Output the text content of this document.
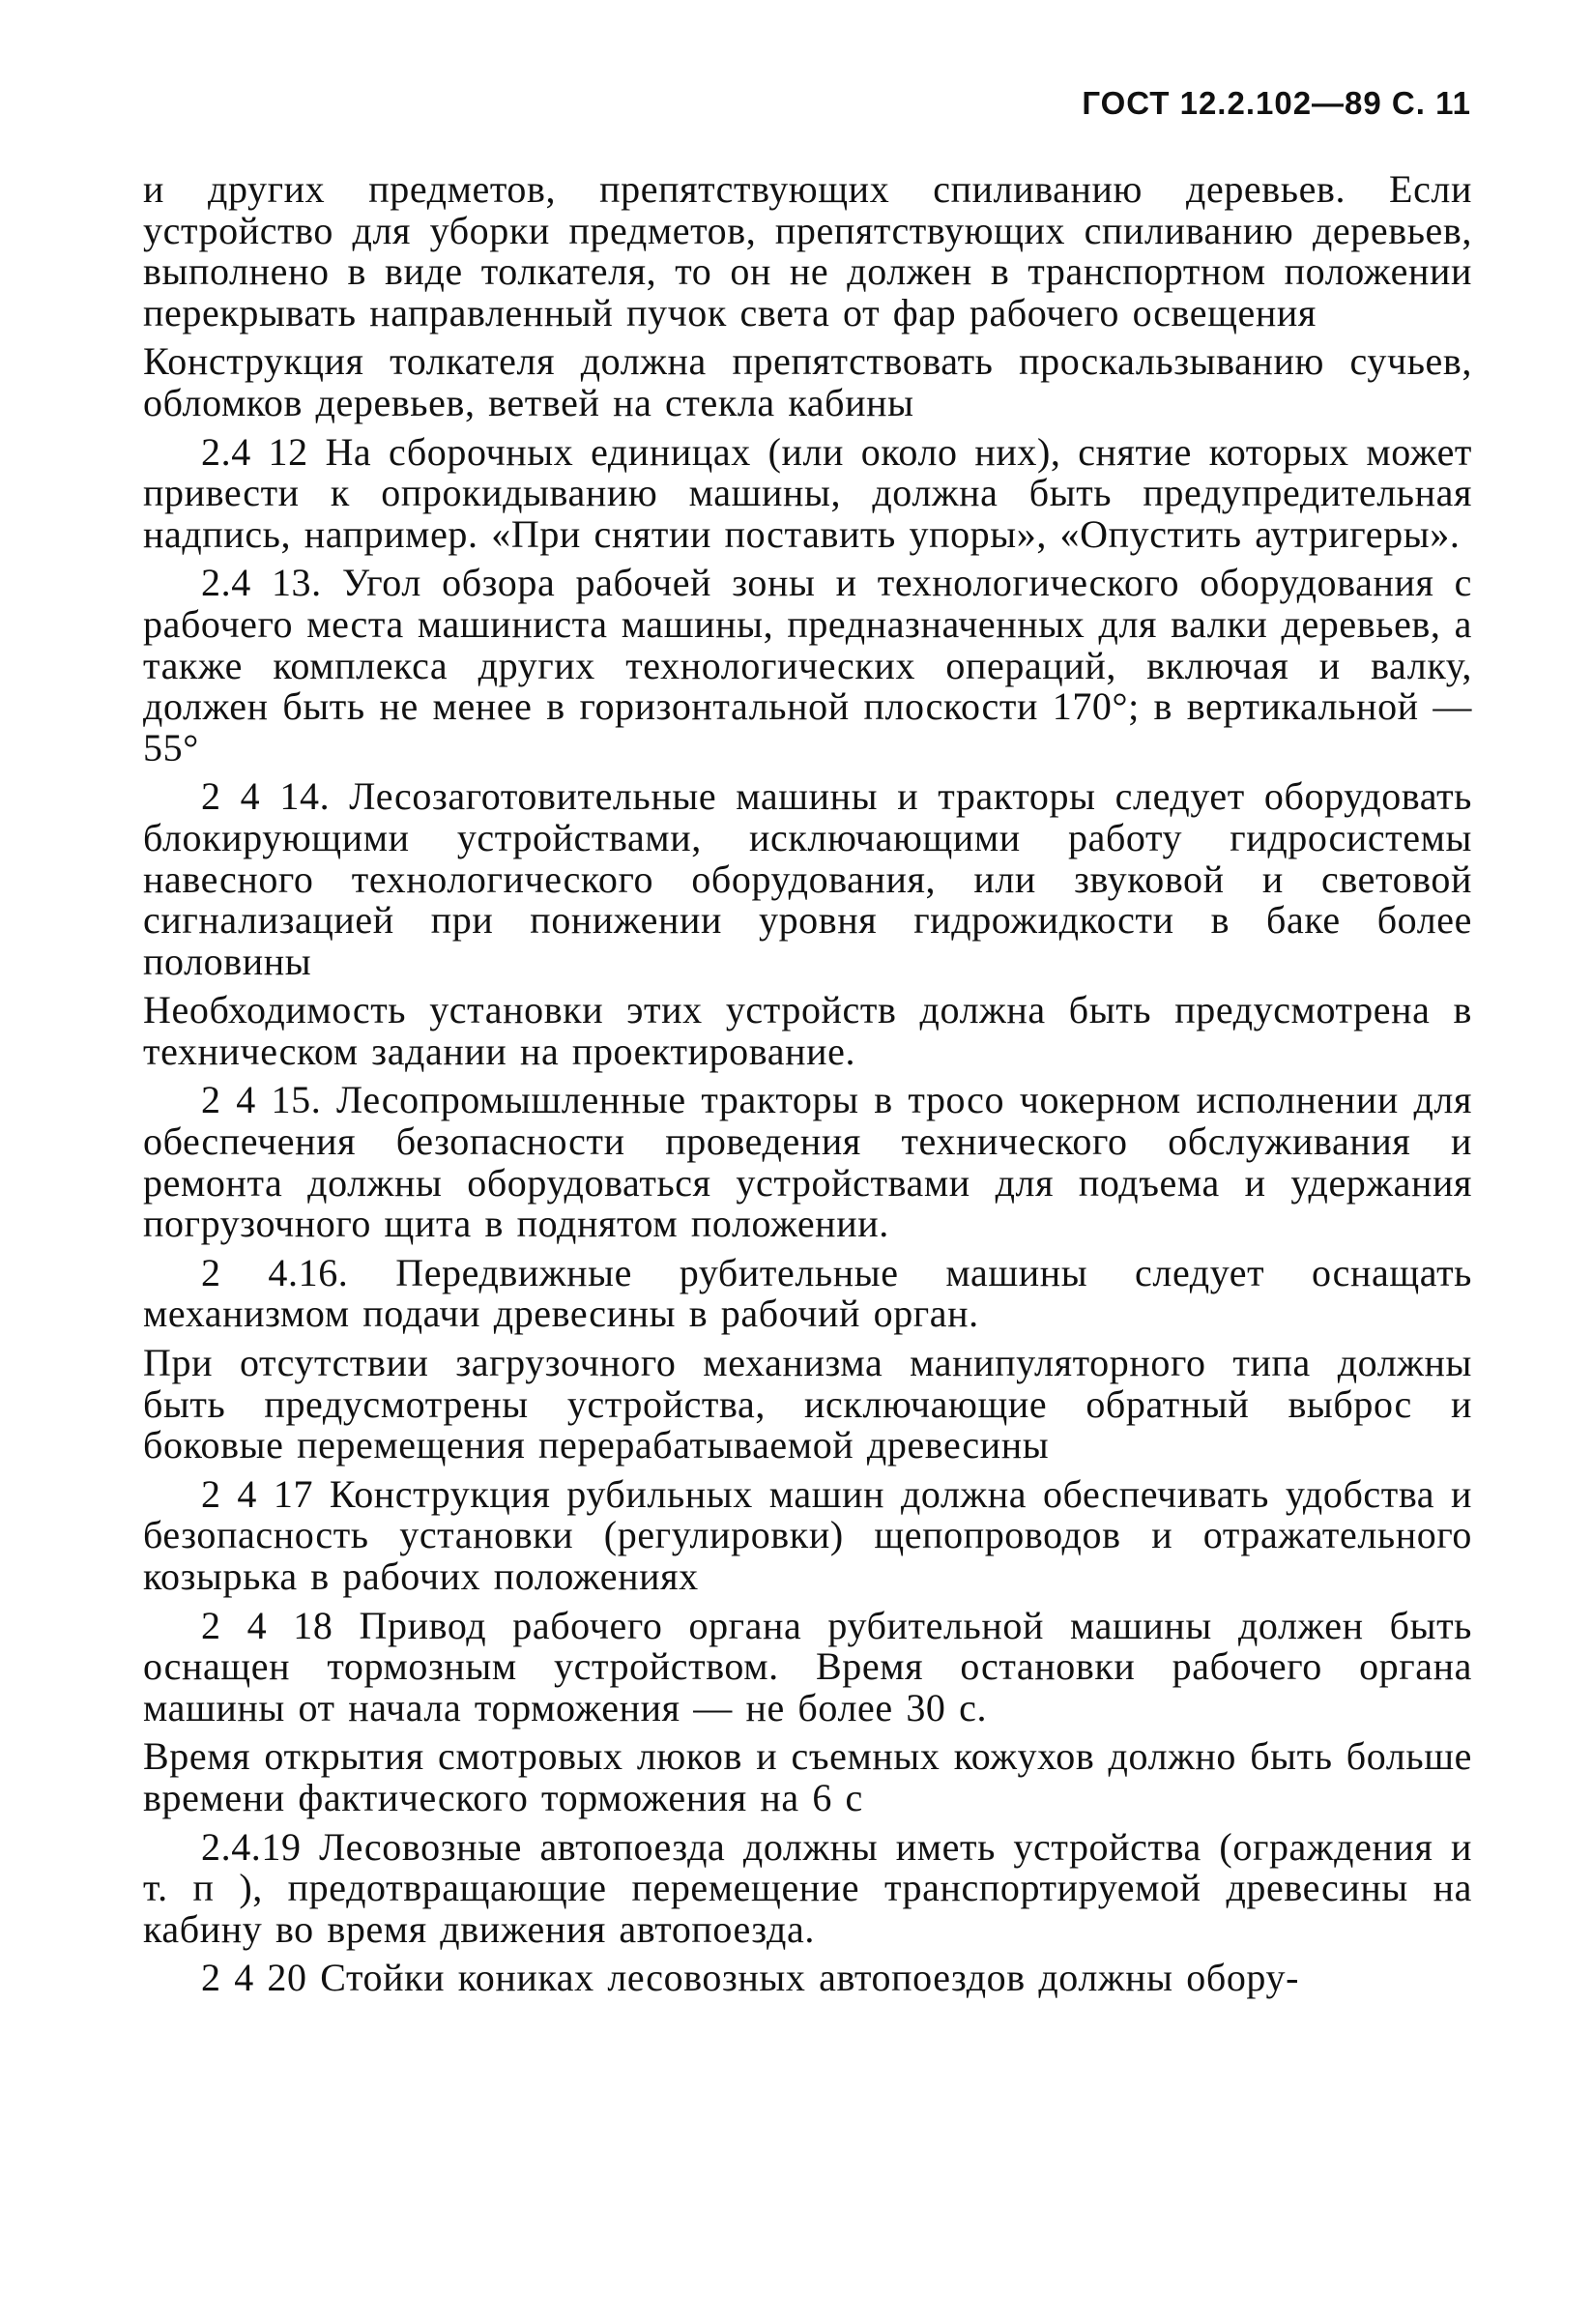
ГОСТ 12.2.102—89 С. 11

и других предметов, препятствующих спиливанию деревьев. Если устройство для уборки предметов, препятствующих спиливанию деревьев, выполнено в виде толкателя, то он не должен в транспортном положении перекрывать направленный пучок света от фар рабочего освещения

Конструкция толкателя должна препятствовать проскальзыванию сучьев, обломков деревьев, ветвей на стекла кабины

2.4 12 На сборочных единицах (или около них), снятие которых может привести к опрокидыванию машины, должна быть предупредительная надпись, например. «При снятии поставить упоры», «Опустить аутригеры».

2.4 13. Угол обзора рабочей зоны и технологического оборудования с рабочего места машиниста машины, предназначенных для валки деревьев, а также комплекса других технологических операций, включая и валку, должен быть не менее в горизонтальной плоскости 170°; в вертикальной — 55°

2 4 14. Лесозаготовительные машины и тракторы следует оборудовать блокирующими устройствами, исключающими работу гидросистемы навесного технологического оборудования, или звуковой и световой сигнализацией при понижении уровня гидрожидкости в баке более половины

Необходимость установки этих устройств должна быть предусмотрена в техническом задании на проектирование.

2 4 15. Лесопромышленные тракторы в тросо чокерном исполнении для обеспечения безопасности проведения технического обслуживания и ремонта должны оборудоваться устройствами для подъема и удержания погрузочного щита в поднятом положении.

2 4.16. Передвижные рубительные машины следует оснащать механизмом подачи древесины в рабочий орган.

При отсутствии загрузочного механизма манипуляторного типа должны быть предусмотрены устройства, исключающие обратный выброс и боковые перемещения перерабатываемой древесины

2 4 17 Конструкция рубильных машин должна обеспечивать удобства и безопасность установки (регулировки) щепопроводов и отражательного козырька в рабочих положениях

2 4 18 Привод рабочего органа рубительной машины должен быть оснащен тормозным устройством. Время остановки рабочего органа машины от начала торможения — не более 30 с.

Время открытия смотровых люков и съемных кожухов должно быть больше времени фактического торможения на 6 с

2.4.19 Лесовозные автопоезда должны иметь устройства (ограждения и т. п ), предотвращающие перемещение транспортируемой древесины на кабину во время движения автопоезда.

2 4 20 Стойки кониках лесовозных автопоездов должны обору-
